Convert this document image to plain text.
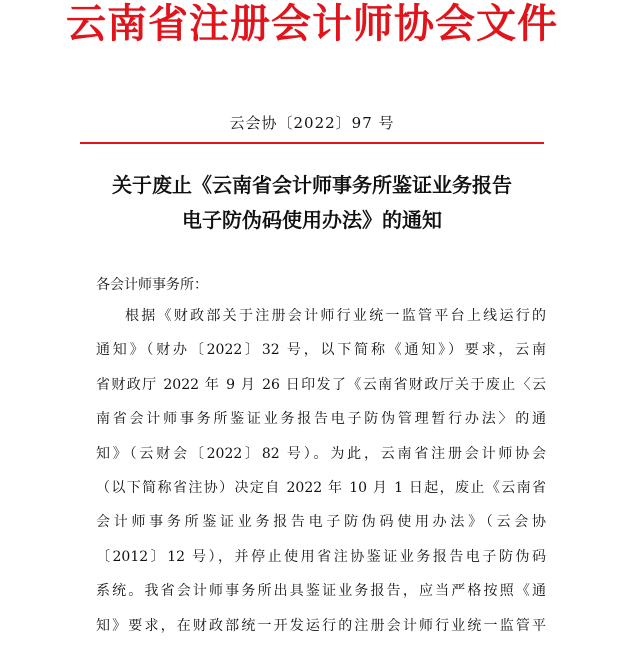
云南省注册会计师协会文件
云会协〔2022〕97 号
关于废止《云南省会计师事务所鉴证业务报告
电子防伪码使用办法》的通知
各会计师事务所：
根据《财政部关于注册会计师行业统一监管平台上线运行的
通知》（财办〔2022〕32 号，以下简称《通知》）要求，云南
省财政厅 2022 年 9 月 26 日印发了《云南省财政厅关于废止〈云
南省会计师事务所鉴证业务报告电子防伪管理暂行办法〉的通
知》（云财会〔2022〕82 号）。为此，云南省注册会计师协会
（以下简称省注协）决定自 2022 年 10 月 1 日起，废止《云南省
会计师事务所鉴证业务报告电子防伪码使用办法》（云会协
〔2012〕12 号），并停止使用省注协鉴证业务报告电子防伪码
系统。我省会计师事务所出具鉴证业务报告，应当严格按照《通
知》要求，在财政部统一开发运行的注册会计师行业统一监管平
